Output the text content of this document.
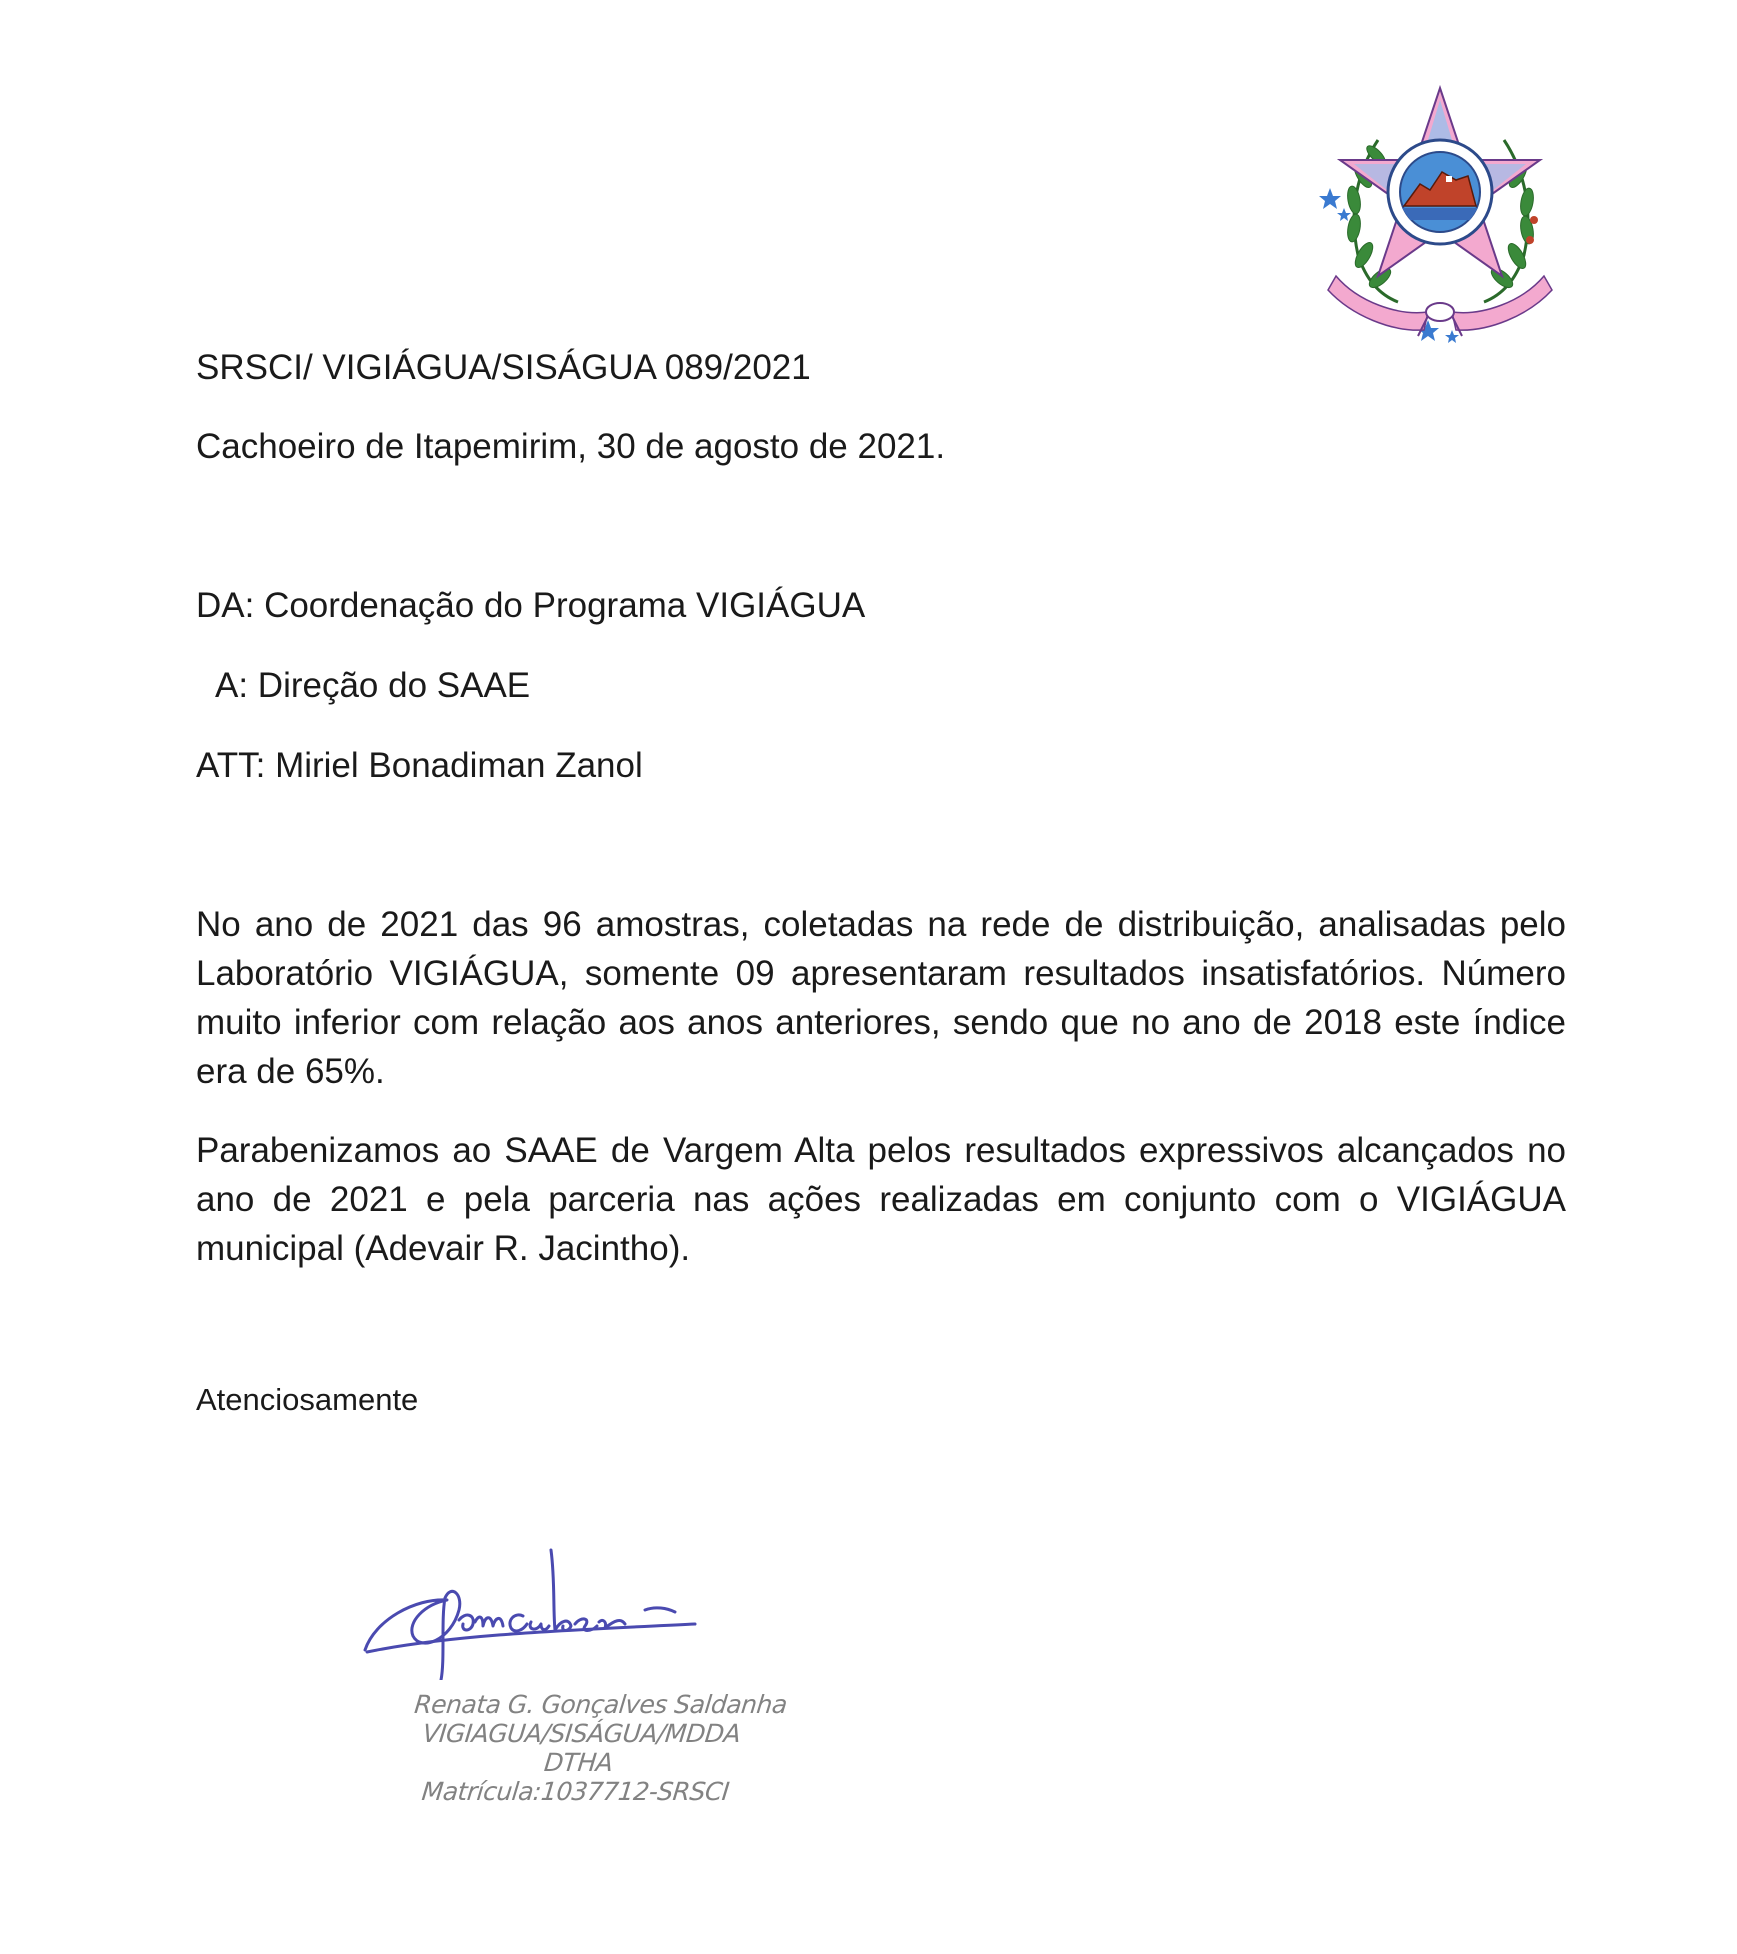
SRSCI/ VIGIÁGUA/SISÁGUA 089/2021
Cachoeiro de Itapemirim, 30 de agosto de 2021.
DA: Coordenação do Programa VIGIÁGUA
A: Direção do SAAE
ATT: Miriel Bonadiman Zanol
No ano de 2021 das 96 amostras, coletadas na rede de distribuição, analisadas pelo Laboratório VIGIÁGUA, somente 09 apresentaram resultados insatisfatórios. Número muito inferior com relação aos anos anteriores, sendo que no ano de 2018 este índice era de 65%.
Parabenizamos ao SAAE de Vargem Alta pelos resultados expressivos alcançados no ano de 2021 e pela parceria nas ações realizadas em conjunto com o VIGIÁGUA municipal (Adevair R. Jacintho).
Atenciosamente
Renata G. Gonçalves Saldanha
VIGIAGUA/SISÁGUA/MDDA
DTHA
Matrícula:1037712-SRSCI
